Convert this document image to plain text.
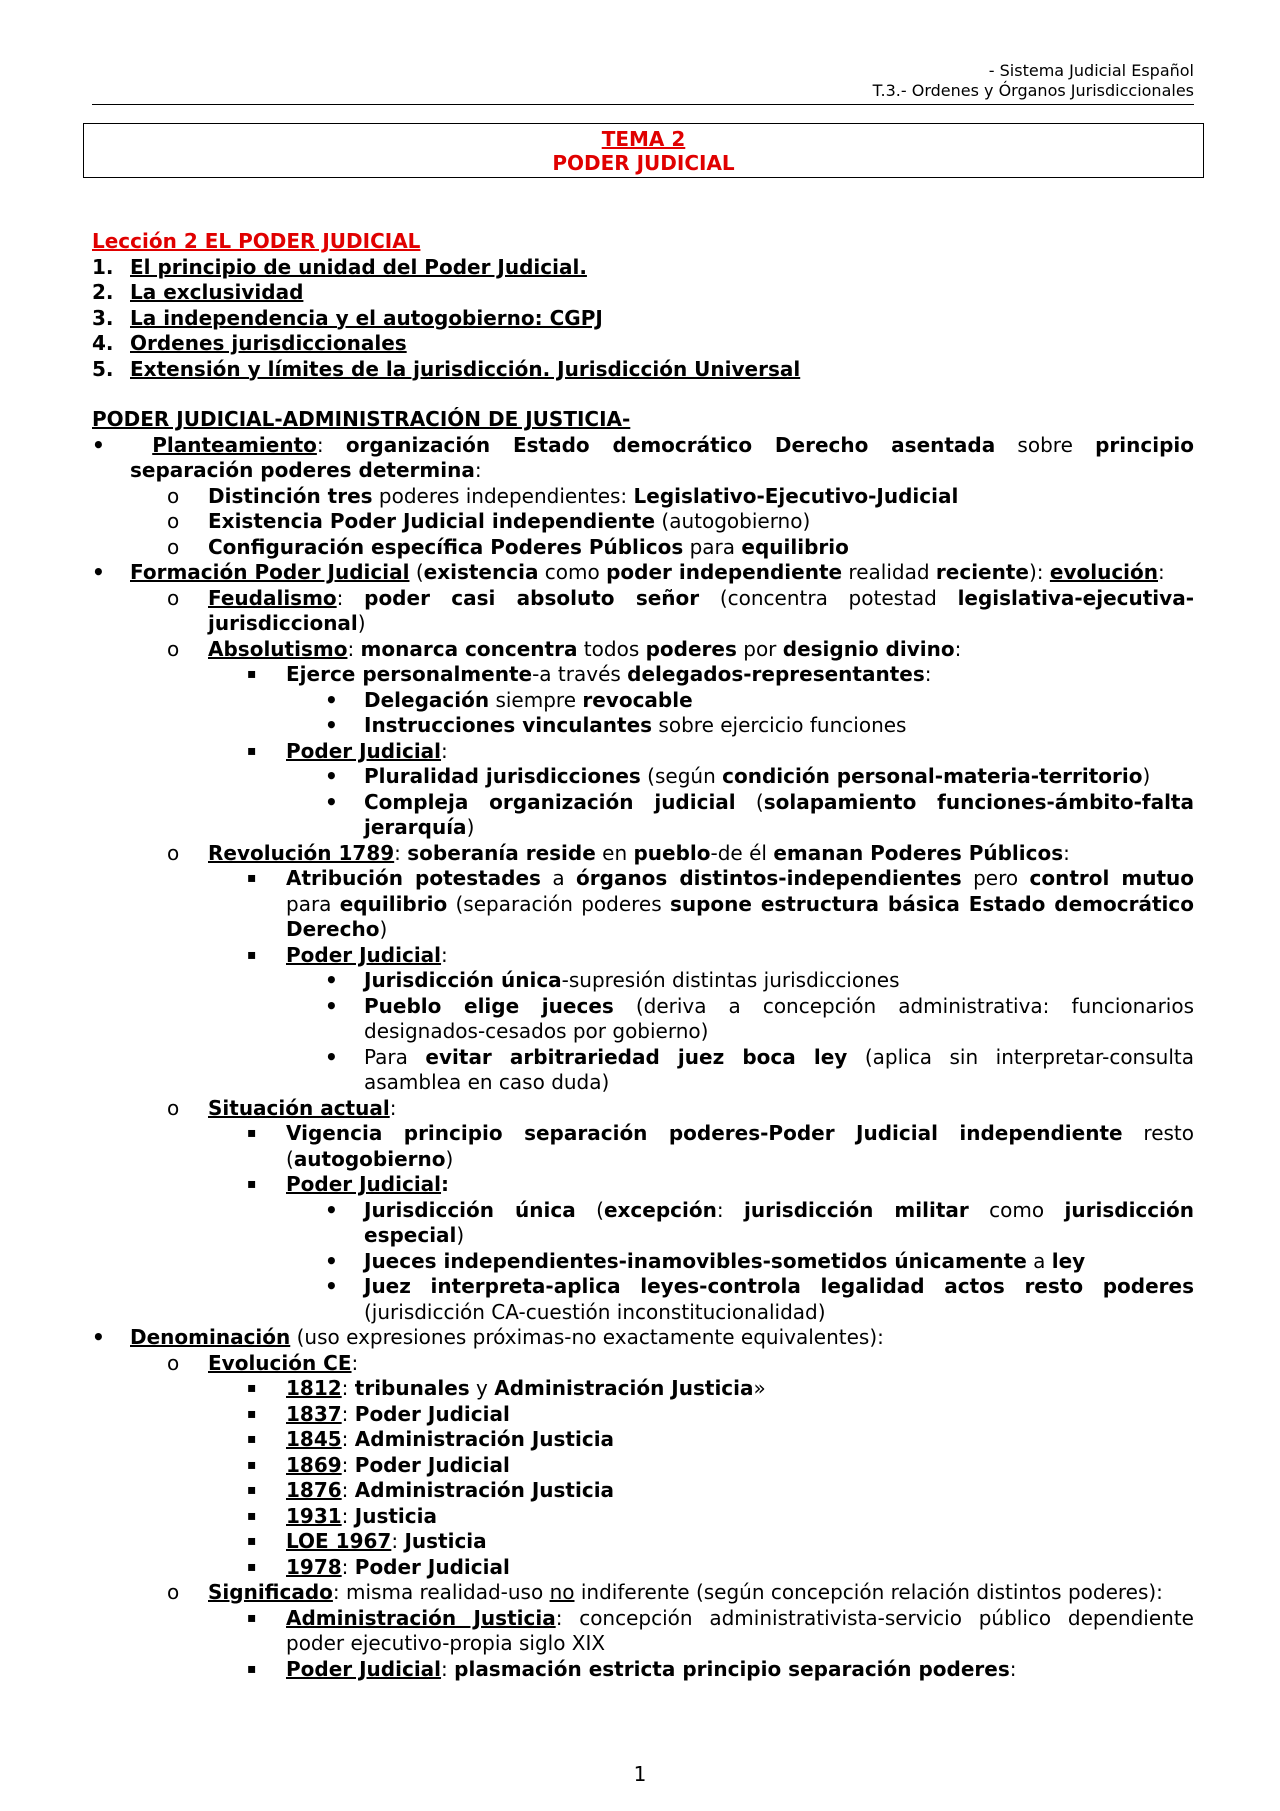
- Sistema Judicial Español
T.3.- Ordenes y Órganos Jurisdiccionales
TEMA 2
PODER JUDICIAL
Lección 2 EL PODER JUDICIAL
1. El principio de unidad del Poder Judicial.
2. La exclusividad
3. La independencia y el autogobierno: CGPJ
4. Ordenes jurisdiccionales
5. Extensión y límites de la jurisdicción. Jurisdicción Universal
PODER JUDICIAL-ADMINISTRACIÓN DE JUSTICIA-
• Planteamiento: organización Estado democrático Derecho asentada sobre principio separación poderes determina:
o Distinción tres poderes independientes: Legislativo-Ejecutivo-Judicial
o Existencia Poder Judicial independiente (autogobierno)
o Configuración específica Poderes Públicos para equilibrio
• Formación Poder Judicial (existencia como poder independiente realidad reciente): evolución:
o Feudalismo: poder casi absoluto señor (concentra potestad legislativa-ejecutiva-jurisdiccional)
o Absolutismo: monarca concentra todos poderes por designio divino:
▪ Ejerce personalmente-a través delegados-representantes:
• Delegación siempre revocable
• Instrucciones vinculantes sobre ejercicio funciones
▪ Poder Judicial:
• Pluralidad jurisdicciones (según condición personal-materia-territorio)
• Compleja organización judicial (solapamiento funciones-ámbito-falta jerarquía)
o Revolución 1789: soberanía reside en pueblo-de él emanan Poderes Públicos:
▪ Atribución potestades a órganos distintos-independientes pero control mutuo para equilibrio (separación poderes supone estructura básica Estado democrático Derecho)
▪ Poder Judicial:
• Jurisdicción única-supresión distintas jurisdicciones
• Pueblo elige jueces (deriva a concepción administrativa: funcionarios designados-cesados por gobierno)
• Para evitar arbitrariedad juez boca ley (aplica sin interpretar-consulta asamblea en caso duda)
o Situación actual:
▪ Vigencia principio separación poderes-Poder Judicial independiente resto (autogobierno)
▪ Poder Judicial:
• Jurisdicción única (excepción: jurisdicción militar como jurisdicción especial)
• Jueces independientes-inamovibles-sometidos únicamente a ley
• Juez interpreta-aplica leyes-controla legalidad actos resto poderes (jurisdicción CA-cuestión inconstitucionalidad)
• Denominación (uso expresiones próximas-no exactamente equivalentes):
o Evolución CE:
▪ 1812: tribunales y Administración Justicia»
▪ 1837: Poder Judicial
▪ 1845: Administración Justicia
▪ 1869: Poder Judicial
▪ 1876: Administración Justicia
▪ 1931: Justicia
▪ LOE 1967: Justicia
▪ 1978: Poder Judicial
o Significado: misma realidad-uso no indiferente (según concepción relación distintos poderes):
▪ Administración Justicia: concepción administrativista-servicio público dependiente poder ejecutivo-propia siglo XIX
▪ Poder Judicial: plasmación estricta principio separación poderes:
1
